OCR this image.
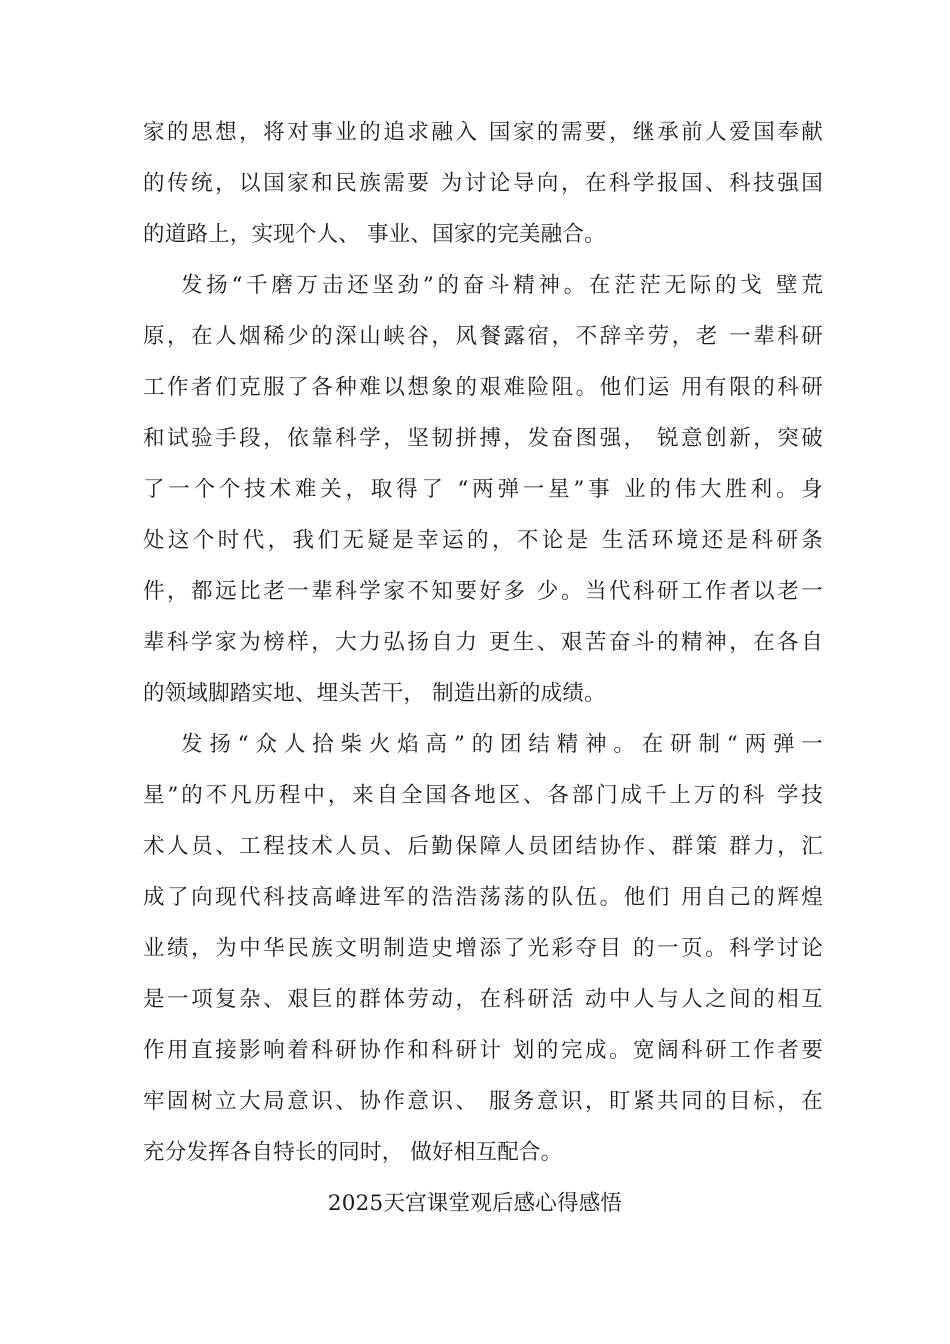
家的思想，将对事业的追求融入 国家的需要，继承前人爱国奉献
的传统，以国家和民族需要 为讨论导向，在科学报国、科技强国
的道路上，实现个人、 事业、国家的完美融合。
发扬“千磨万击还坚劲”的奋斗精神。在茫茫无际的戈 壁荒
原，在人烟稀少的深山峡谷，风餐露宿，不辞辛劳，老 一辈科研
工作者们克服了各种难以想象的艰难险阻。他们运 用有限的科研
和试验手段，依靠科学，坚韧拼搏，发奋图强， 锐意创新，突破
了一个个技术难关，取得了 “两弹一星”事 业的伟大胜利。身
处这个时代，我们无疑是幸运的，不论是 生活环境还是科研条
件，都远比老一辈科学家不知要好多 少。当代科研工作者以老一
辈科学家为榜样，大力弘扬自力 更生、艰苦奋斗的精神，在各自
的领域脚踏实地、埋头苦干， 制造出新的成绩。
发扬“众人拾柴火焰高”的团结精神。在研制“两弹一
星”的不凡历程中，来自全国各地区、各部门成千上万的科 学技
术人员、工程技术人员、后勤保障人员团结协作、群策 群力，汇
成了向现代科技高峰进军的浩浩荡荡的队伍。他们 用自己的辉煌
业绩，为中华民族文明制造史增添了光彩夺目 的一页。科学讨论
是一项复杂、艰巨的群体劳动，在科研活 动中人与人之间的相互
作用直接影响着科研协作和科研计 划的完成。宽阔科研工作者要
牢固树立大局意识、协作意识、 服务意识，盯紧共同的目标，在
充分发挥各自特长的同时， 做好相互配合。
2025天宫课堂观后感心得感悟
